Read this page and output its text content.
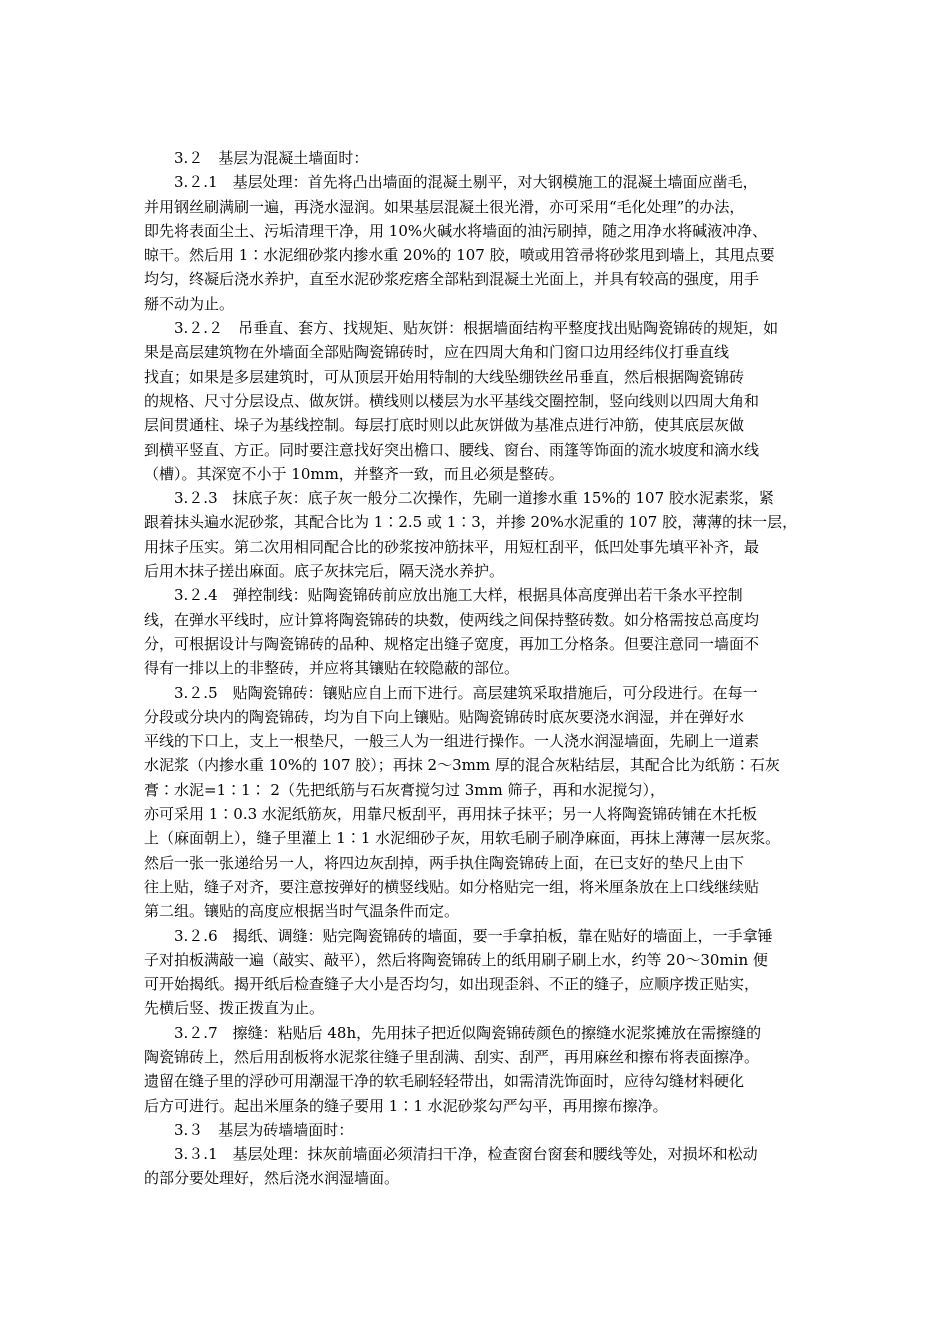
3.２　基层为混凝土墙面时：

3.２.1　基层处理：首先将凸出墙面的混凝土剔平，对大钢模施工的混凝土墙面应凿毛，
并用钢丝刷满刷一遍，再浇水湿润。如果基层混凝土很光滑，亦可采用“毛化处理”的办法，
即先将表面尘土、污垢清理干净，用 10%火碱水将墙面的油污刷掉，随之用净水将碱液冲净、
晾干。然后用 1∶水泥细砂浆内掺水重 20%的 107 胶，喷或用笤帚将砂浆甩到墙上，其甩点要
均匀，终凝后浇水养护，直至水泥砂浆疙瘩全部粘到混凝土光面上，并具有较高的强度，用手
掰不动为止。

3.２.２　吊垂直、套方、找规矩、贴灰饼：根据墙面结构平整度找出贴陶瓷锦砖的规矩，如
果是高层建筑物在外墙面全部贴陶瓷锦砖时，应在四周大角和门窗口边用经纬仪打垂直线
找直；如果是多层建筑时，可从顶层开始用特制的大线坠绷铁丝吊垂直，然后根据陶瓷锦砖
的规格、尺寸分层设点、做灰饼。横线则以楼层为水平基线交圈控制，竖向线则以四周大角和
层间贯通柱、垛子为基线控制。每层打底时则以此灰饼做为基准点进行冲筋，使其底层灰做
到横平竖直、方正。同时要注意找好突出檐口、腰线、窗台、雨篷等饰面的流水坡度和滴水线
（槽）。其深宽不小于 10mm，并整齐一致，而且必须是整砖。

3.２.3　抹底子灰：底子灰一般分二次操作，先刷一道掺水重 15%的 107 胶水泥素浆，紧
跟着抹头遍水泥砂浆，其配合比为 1∶2.5 或 1∶3，并掺 20%水泥重的 107 胶，薄薄的抹一层，
用抹子压实。第二次用相同配合比的砂浆按冲筋抹平，用短杠刮平，低凹处事先填平补齐，最
后用木抹子搓出麻面。底子灰抹完后，隔天浇水养护。

3.２.4　弹控制线：贴陶瓷锦砖前应放出施工大样，根据具体高度弹出若干条水平控制
线，在弹水平线时，应计算将陶瓷锦砖的块数，使两线之间保持整砖数。如分格需按总高度均
分，可根据设计与陶瓷锦砖的品种、规格定出缝子宽度，再加工分格条。但要注意同一墙面不
得有一排以上的非整砖，并应将其镶贴在较隐蔽的部位。

3.２.5　贴陶瓷锦砖：镶贴应自上而下进行。高层建筑采取措施后，可分段进行。在每一
分段或分块内的陶瓷锦砖，均为自下向上镶贴。贴陶瓷锦砖时底灰要浇水润湿，并在弹好水
平线的下口上，支上一根垫尺，一般三人为一组进行操作。一人浇水润湿墙面，先刷上一道素
水泥浆（内掺水重 10%的 107 胶）；再抹 2～3mm 厚的混合灰粘结层，其配合比为纸筋∶石灰
膏∶水泥=1∶1∶ 2（先把纸筋与石灰膏搅匀过 3mm 筛子，再和水泥搅匀），

亦可采用 1∶0.3 水泥纸筋灰，用靠尺板刮平，再用抹子抹平；另一人将陶瓷锦砖铺在木托板
上（麻面朝上），缝子里灌上 1∶1 水泥细砂子灰，用软毛刷子刷净麻面，再抹上薄薄一层灰浆。
然后一张一张递给另一人，将四边灰刮掉，两手执住陶瓷锦砖上面，在已支好的垫尺上由下
往上贴，缝子对齐，要注意按弹好的横竖线贴。如分格贴完一组，将米厘条放在上口线继续贴
第二组。镶贴的高度应根据当时气温条件而定。

3.２.6　揭纸、调缝：贴完陶瓷锦砖的墙面，要一手拿拍板，靠在贴好的墙面上，一手拿锤
子对拍板满敲一遍（敲实、敲平），然后将陶瓷锦砖上的纸用刷子刷上水，约等 20～30min 便
可开始揭纸。揭开纸后检查缝子大小是否均匀，如出现歪斜、不正的缝子，应顺序拨正贴实，
先横后竖、拨正拨直为止。

3.２.7　擦缝：粘贴后 48h，先用抹子把近似陶瓷锦砖颜色的擦缝水泥浆摊放在需擦缝的
陶瓷锦砖上，然后用刮板将水泥浆往缝子里刮满、刮实、刮严，再用麻丝和擦布将表面擦净。
遗留在缝子里的浮砂可用潮湿干净的软毛刷轻轻带出，如需清洗饰面时，应待勾缝材料硬化
后方可进行。起出米厘条的缝子要用 1∶1 水泥砂浆勾严勾平，再用擦布擦净。

3.３　基层为砖墙墙面时：

3.３.1　基层处理：抹灰前墙面必须清扫干净，检查窗台窗套和腰线等处，对损坏和松动
的部分要处理好，然后浇水润湿墙面。
